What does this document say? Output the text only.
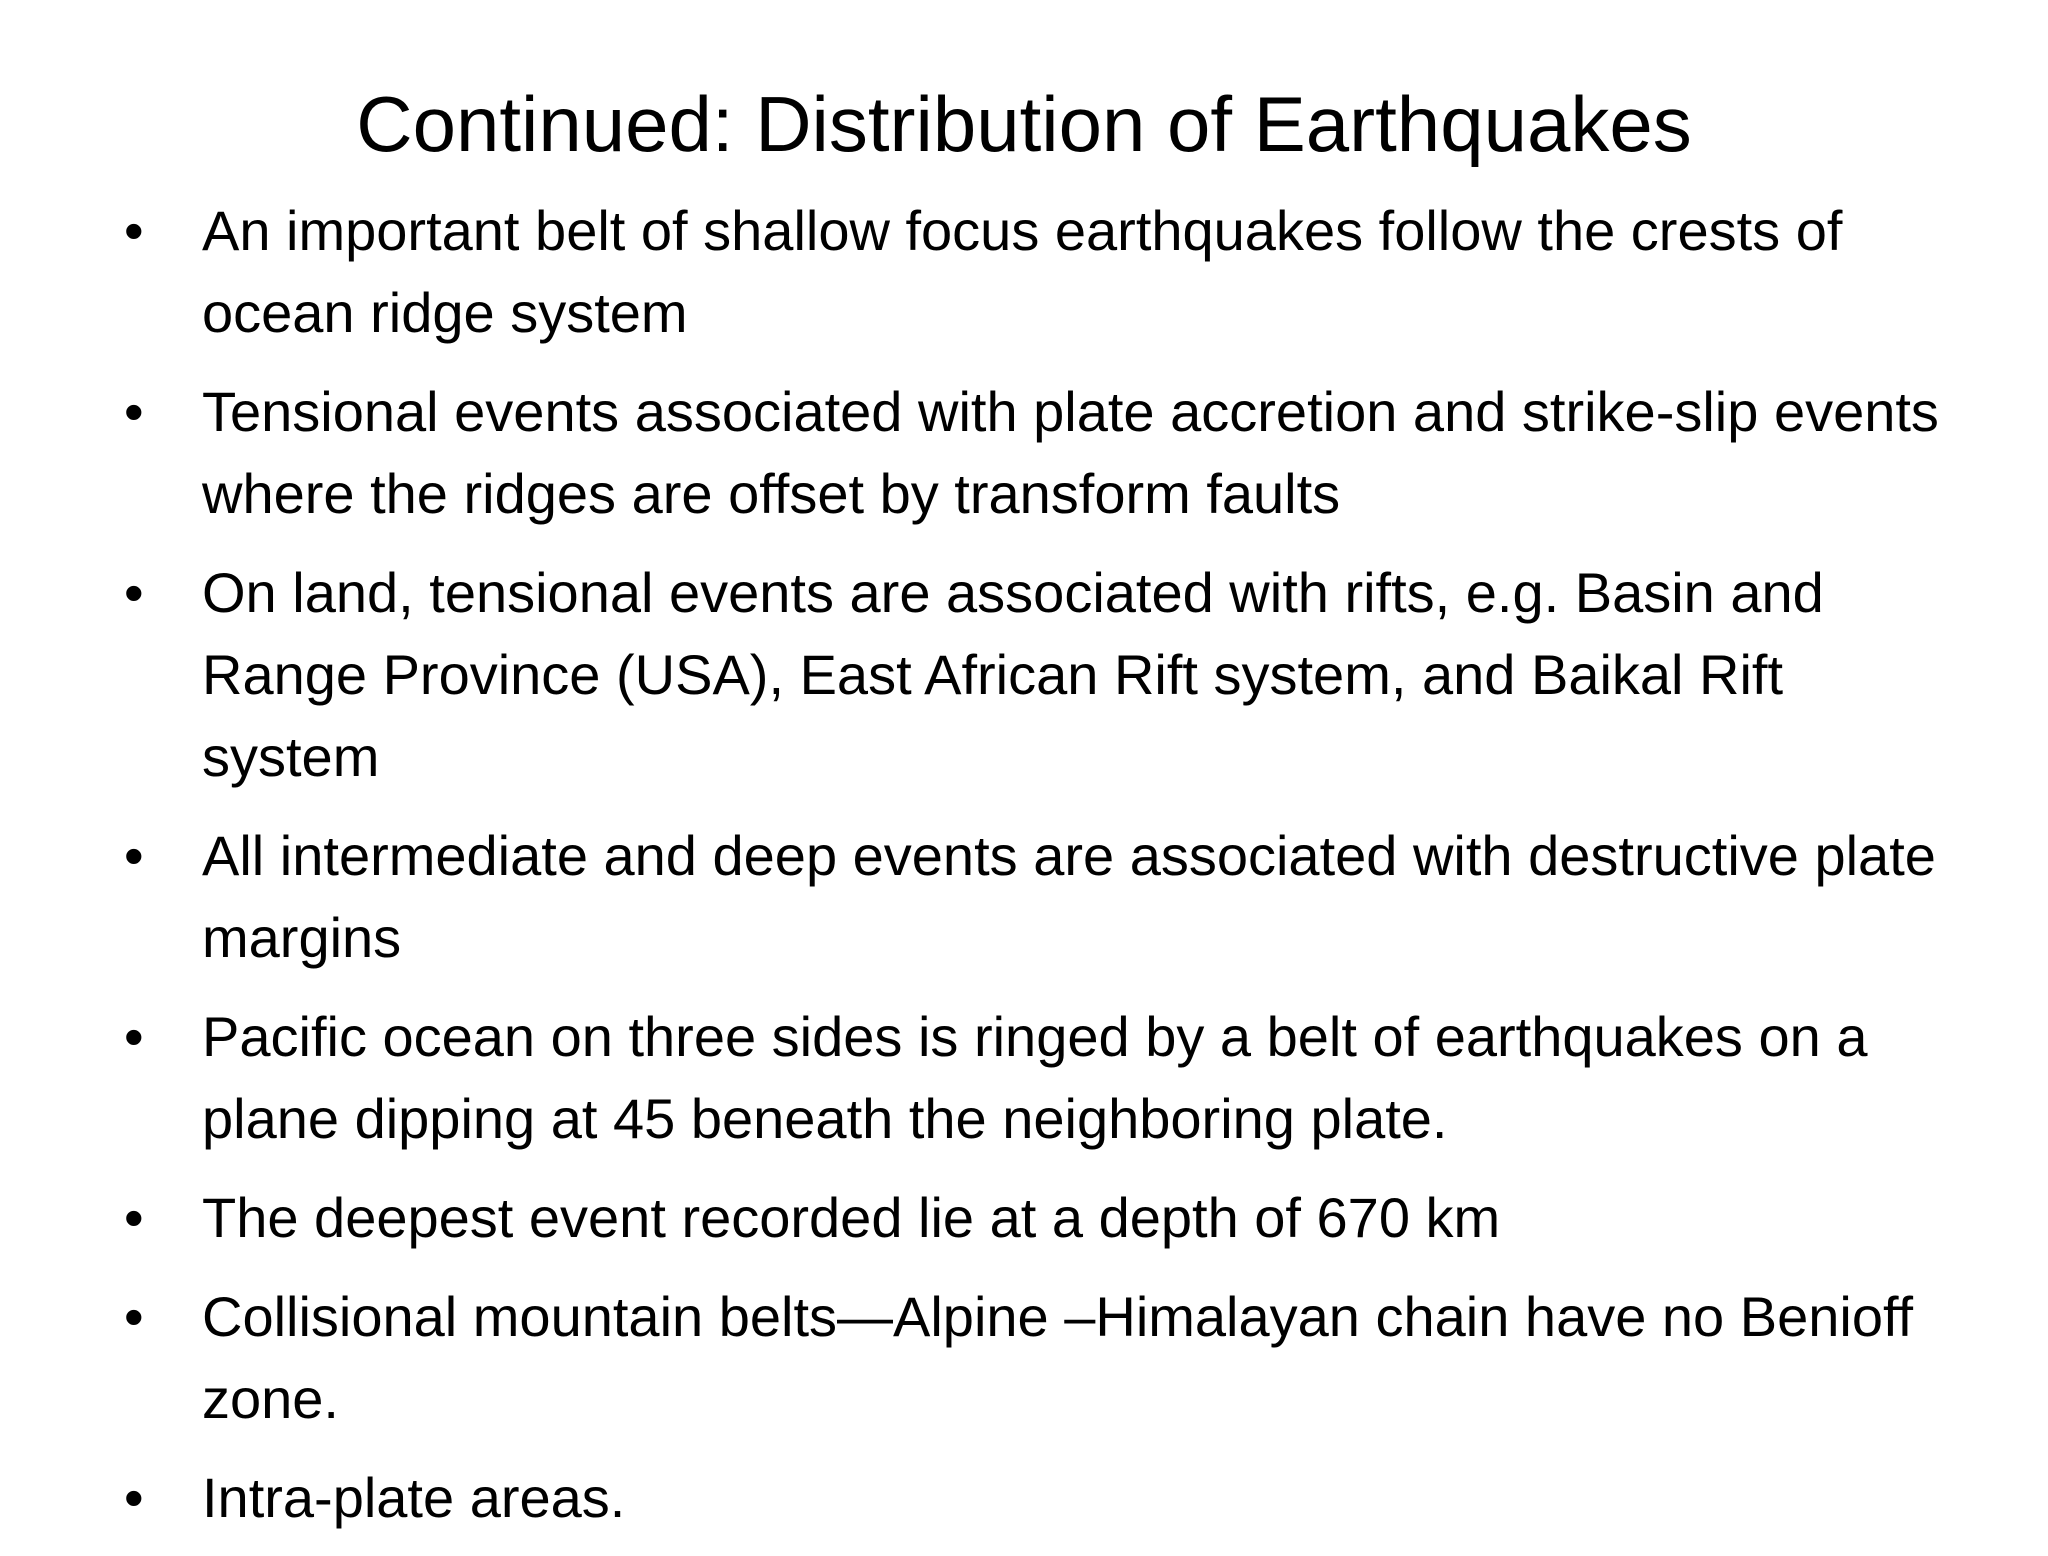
Continued: Distribution of Earthquakes
•	An important belt of shallow focus earthquakes follow the crests of ocean ridge system
•	Tensional events associated with plate accretion and strike-slip events where the ridges are offset by transform faults
•	On land, tensional events are associated with rifts, e.g. Basin and Range Province (USA), East African Rift system, and Baikal Rift system
•	All intermediate and deep events are associated with destructive plate margins
•	Pacific ocean on three sides is ringed by a belt of earthquakes on a plane dipping at 45 beneath the neighboring plate.
•	The deepest event recorded lie at a depth of 670 km
•	Collisional mountain belts—Alpine –Himalayan chain have no Benioff zone.
•	Intra-plate areas.
